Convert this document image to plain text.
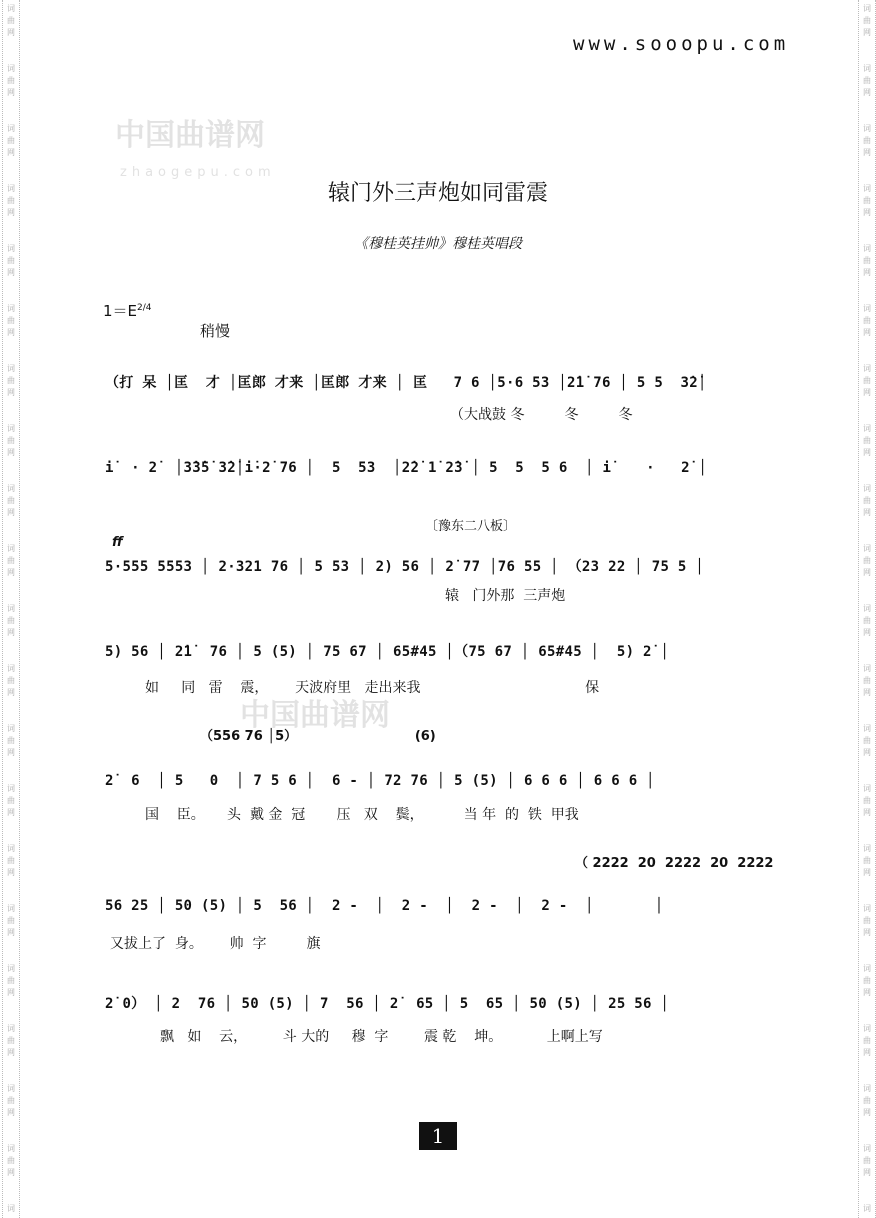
词
曲
网
词
曲
网
词
曲
网
词
曲
网
词
曲
网
词
曲
网
词
曲
网
词
曲
网
词
曲
网
词
曲
网
词
曲
网
词
曲
网
词
曲
网
词
曲
网
词
曲
网
词
曲
网
词
曲
网
词
曲
网
词
曲
网
词
曲
网
词
词
曲
网
词
曲
网
词
曲
网
词
曲
网
词
曲
网
词
曲
网
词
曲
网
词
曲
网
词
曲
网
词
曲
网
词
曲
网
词
曲
网
词
曲
网
词
曲
网
词
曲
网
词
曲
网
词
曲
网
词
曲
网
词
曲
网
词
曲
网
词
中国曲谱网
zhaogepu.com
中国曲谱网
www.sooopu.com
辕门外三声炮如同雷震
《穆桂英挂帅》穆桂英唱段
$1=E^{2/4}$
稍慢
（打 呆 │匡  才 │匡郎 才来 │匡郎 才来 │ 匡   7 6 │5·6 53 │2̇1̇ 76 │ 5 5  3̇2̇│
（大战鼓 冬         冬         冬
i̇  · 2̇  │3̇3̇5̇ 3̇2̇│i̇·2̇ 76 │  5  53  │2̇2̇ 1̇ 2̇3̇ │ 5  5  5 6  │ i̇    ·   2̇ │
〔豫东二八板〕
ff
5·555 5553 │ 2·321 76 │ 5 53 │ 2) 56 │ 2̇ 77 │76 55 │ （23 22 │ 75 5 │
辕   门外那  三声炮
5) 56 │ 2̇1̇  76 │ 5 (5) │ 75 67 │ 65#45 │（75 67 │ 65#45 │  5) 2̇ │
如     同   雷    震，      天波府里   走出来我                                     保
（556 76 │5）                          (6)
2̇  6  │ 5   0  │ 7 5 6 │  6 - │ 72 76 │ 5 (5) │ 6 6 6 │ 6 6 6 │
国    臣。     头  戴 金  冠       压   双    鬓，         当 年  的  铁  甲我
（ 2222  20  2222  20  2222
56 25 │ 50 (5) │ 5  56 │  2 -  │  2 -  │  2 -  │  2 -  │       │
又拔上了  身。      帅  字         旗
2̇ 0） │ 2  76 │ 50 (5) │ 7  56 │ 2̇  65 │ 5  65 │ 50 (5) │ 25 56 │
飘   如    云，        斗 大的     穆  字        震 乾    坤。          上啊上写
1
